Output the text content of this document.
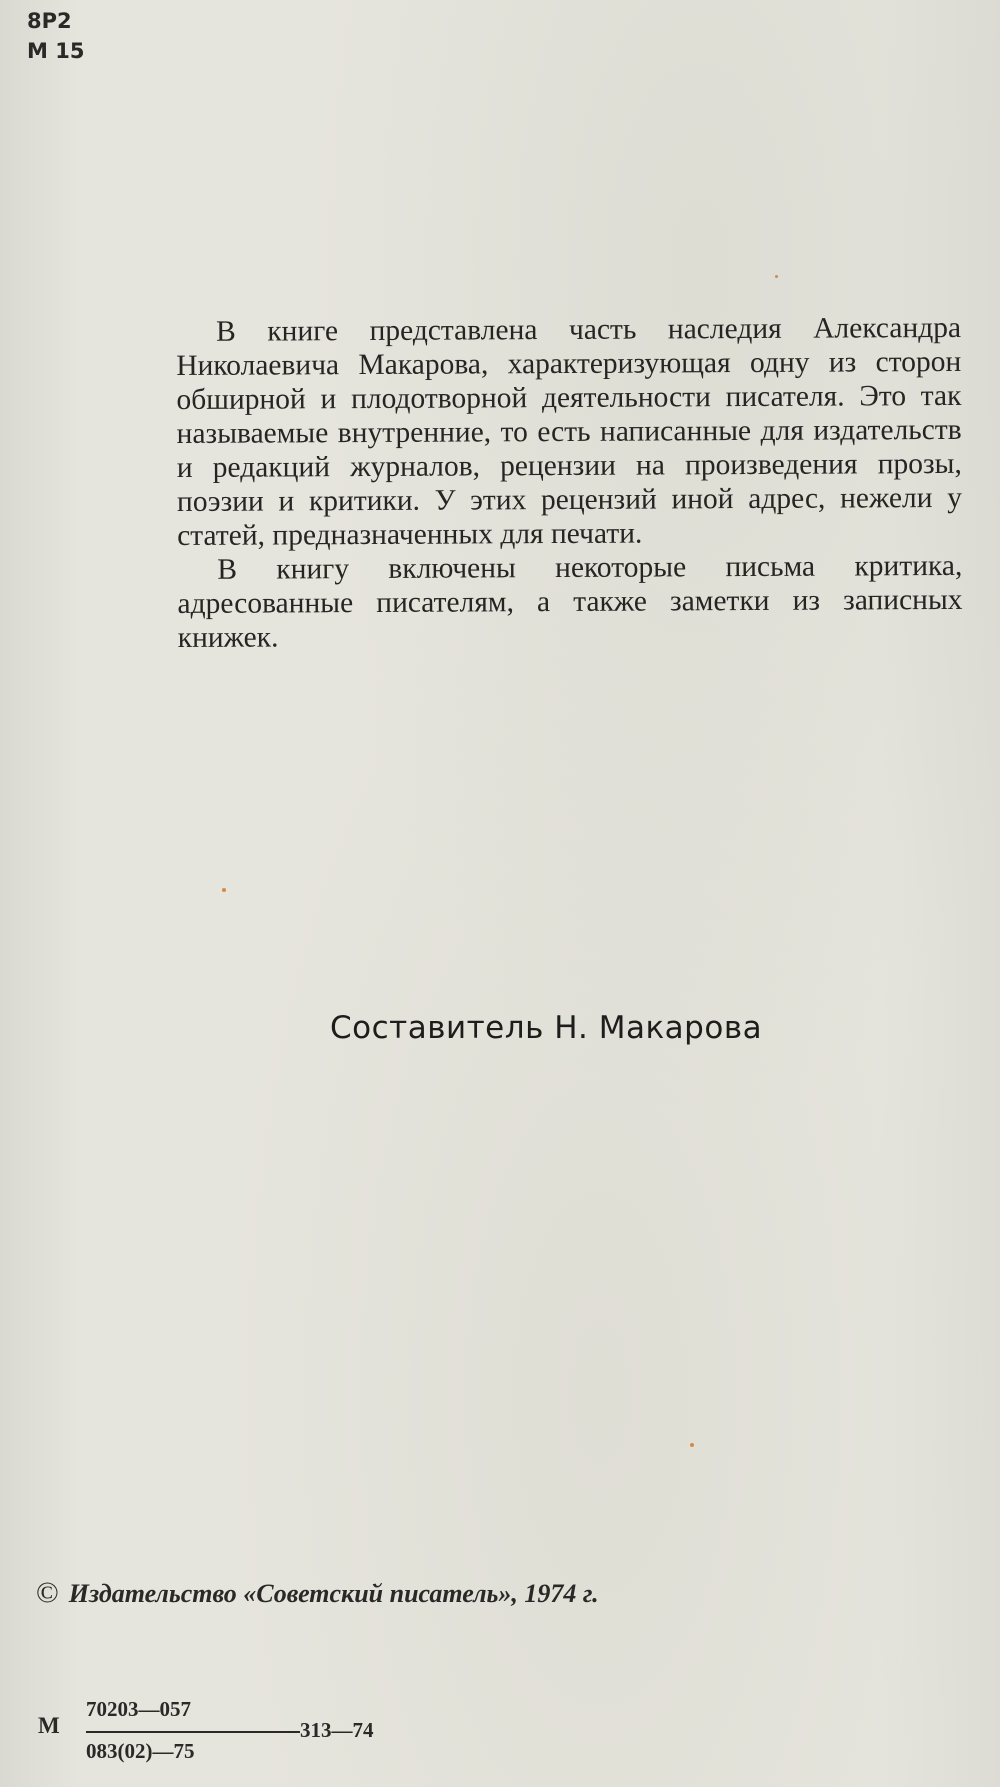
8Р2
М 15

В книге представлена часть наследия Александра Николаевича Макарова, характеризующая одну из сторон обширной и плодотворной деятельности писателя. Это так называемые внутренние, то есть написанные для издательств и редакций журналов, рецензии на произведения прозы, поэзии и критики. У этих рецензий иной адрес, нежели у статей, предназначенных для печати.

В книгу включены некоторые письма критика, адресованные писателям, а также заметки из записных книжек.

Составитель Н. Макарова
© Издательство «Советский писатель», 1974 г.
М
70203—057
083(02)—75
313—74
